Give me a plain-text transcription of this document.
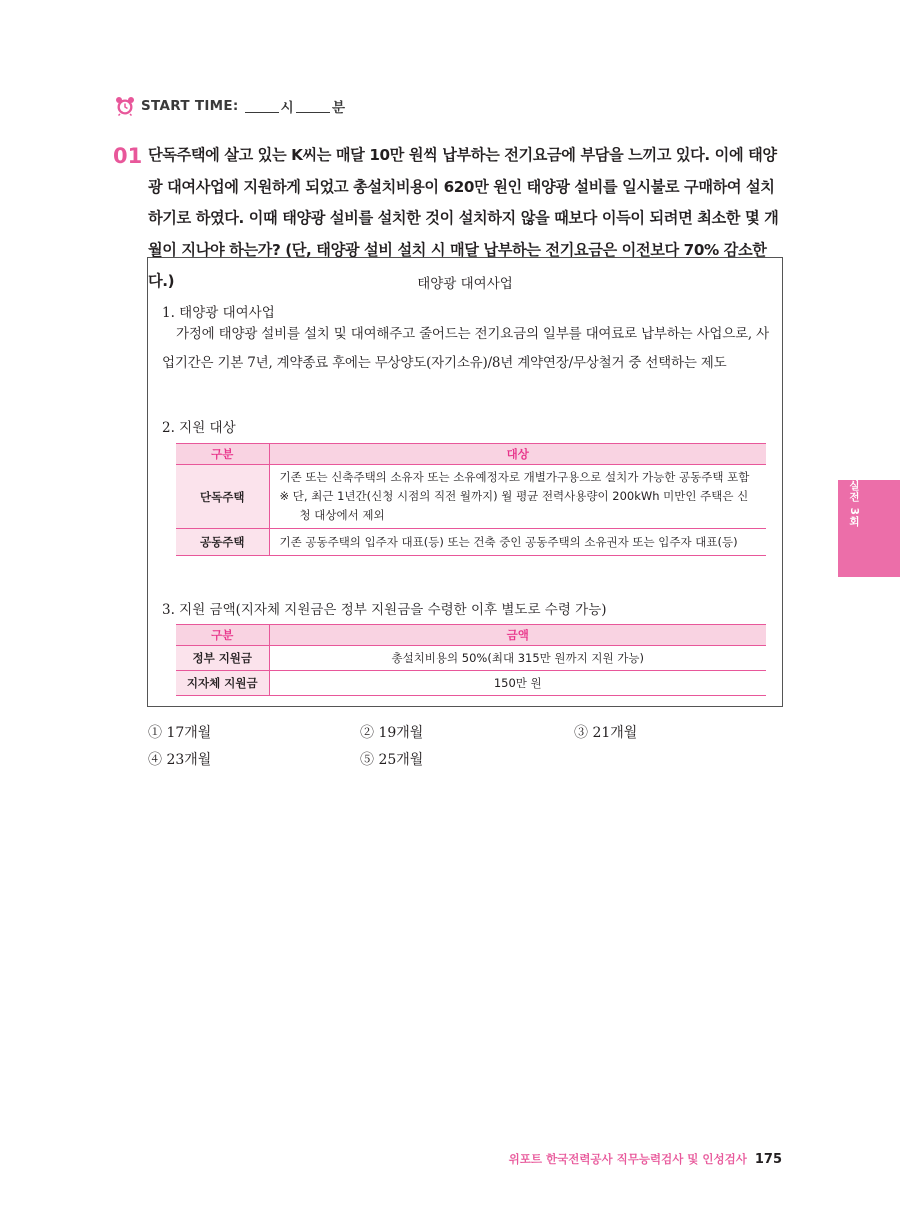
START TIME:	시	분
01 단독주택에 살고 있는 K씨는 매달 10만 원씩 납부하는 전기요금에 부담을 느끼고 있다. 이에 태양광 대여사업에 지원하게 되었고 총설치비용이 620만 원인 태양광 설비를 일시불로 구매하여 설치하기로 하였다. 이때 태양광 설비를 설치한 것이 설치하지 않을 때보다 이득이 되려면 최소한 몇 개월이 지나야 하는가? (단, 태양광 설비 설치 시 매달 납부하는 전기요금은 이전보다 70% 감소한다.)	태양광 대여사업
1. 태양광 대여사업
가정에 태양광 설비를 설치 및 대여해주고 줄어드는 전기요금의 일부를 대여료로 납부하는 사업으로, 사업기간은 기본 7년, 계약종료 후에는 무상양도(자기소유)/8년 계약연장/무상철거 중 선택하는 제도
2. 지원 대상
구분	대상
단독주택	기존 또는 신축주택의 소유자 또는 소유예정자로 개별가구용으로 설치가 가능한 공동주택 포함
※ 단, 최근 1년간(신청 시점의 직전 월까지) 월 평균 전력사용량이 200kWh 미만인 주택은 신청 대상에서 제외

공동주택	기존 공동주택의 입주자 대표(등) 또는 건축 중인 공동주택의 소유권자 또는 입주자 대표(등)
3. 지원 금액(지자체 지원금은 정부 지원금을 수령한 이후 별도로 수령 가능)
구분	금액
정부 지원금	총설치비용의 50%(최대 315만 원까지 지원 가능)
지자체 지원금	150만 원
① 17개월	② 19개월	③ 21개월
④ 23개월	⑤ 25개월
실전 3회
위포트 한국전력공사 직무능력검사 및 인성검사 175
